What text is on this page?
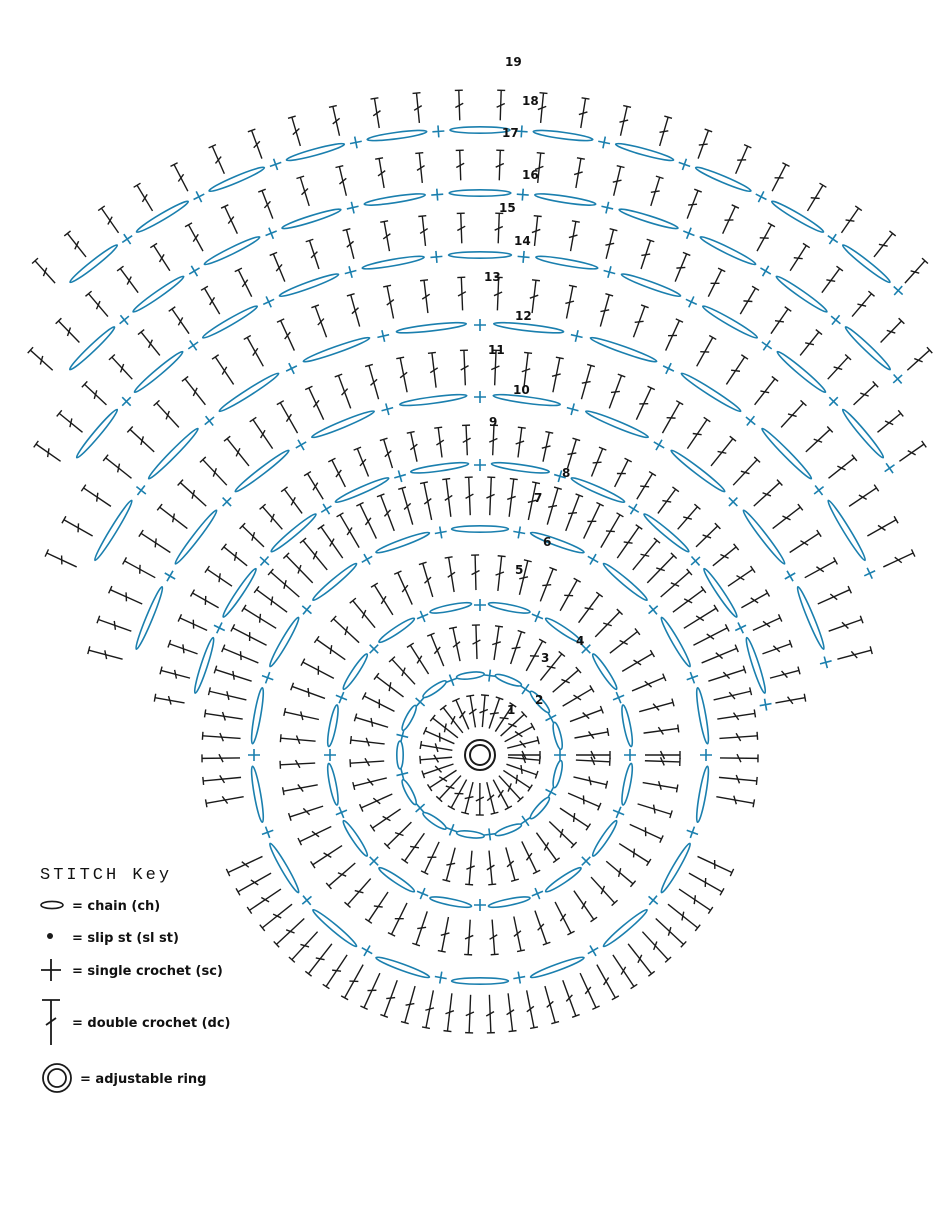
1
2
3
4
5
6
7
8
9
10
11
12
13
14
15
16
17
18
19
STITCH Key
= chain (ch)
= slip st (sl st)
= single crochet (sc)
= double crochet (dc)
= adjustable ring
